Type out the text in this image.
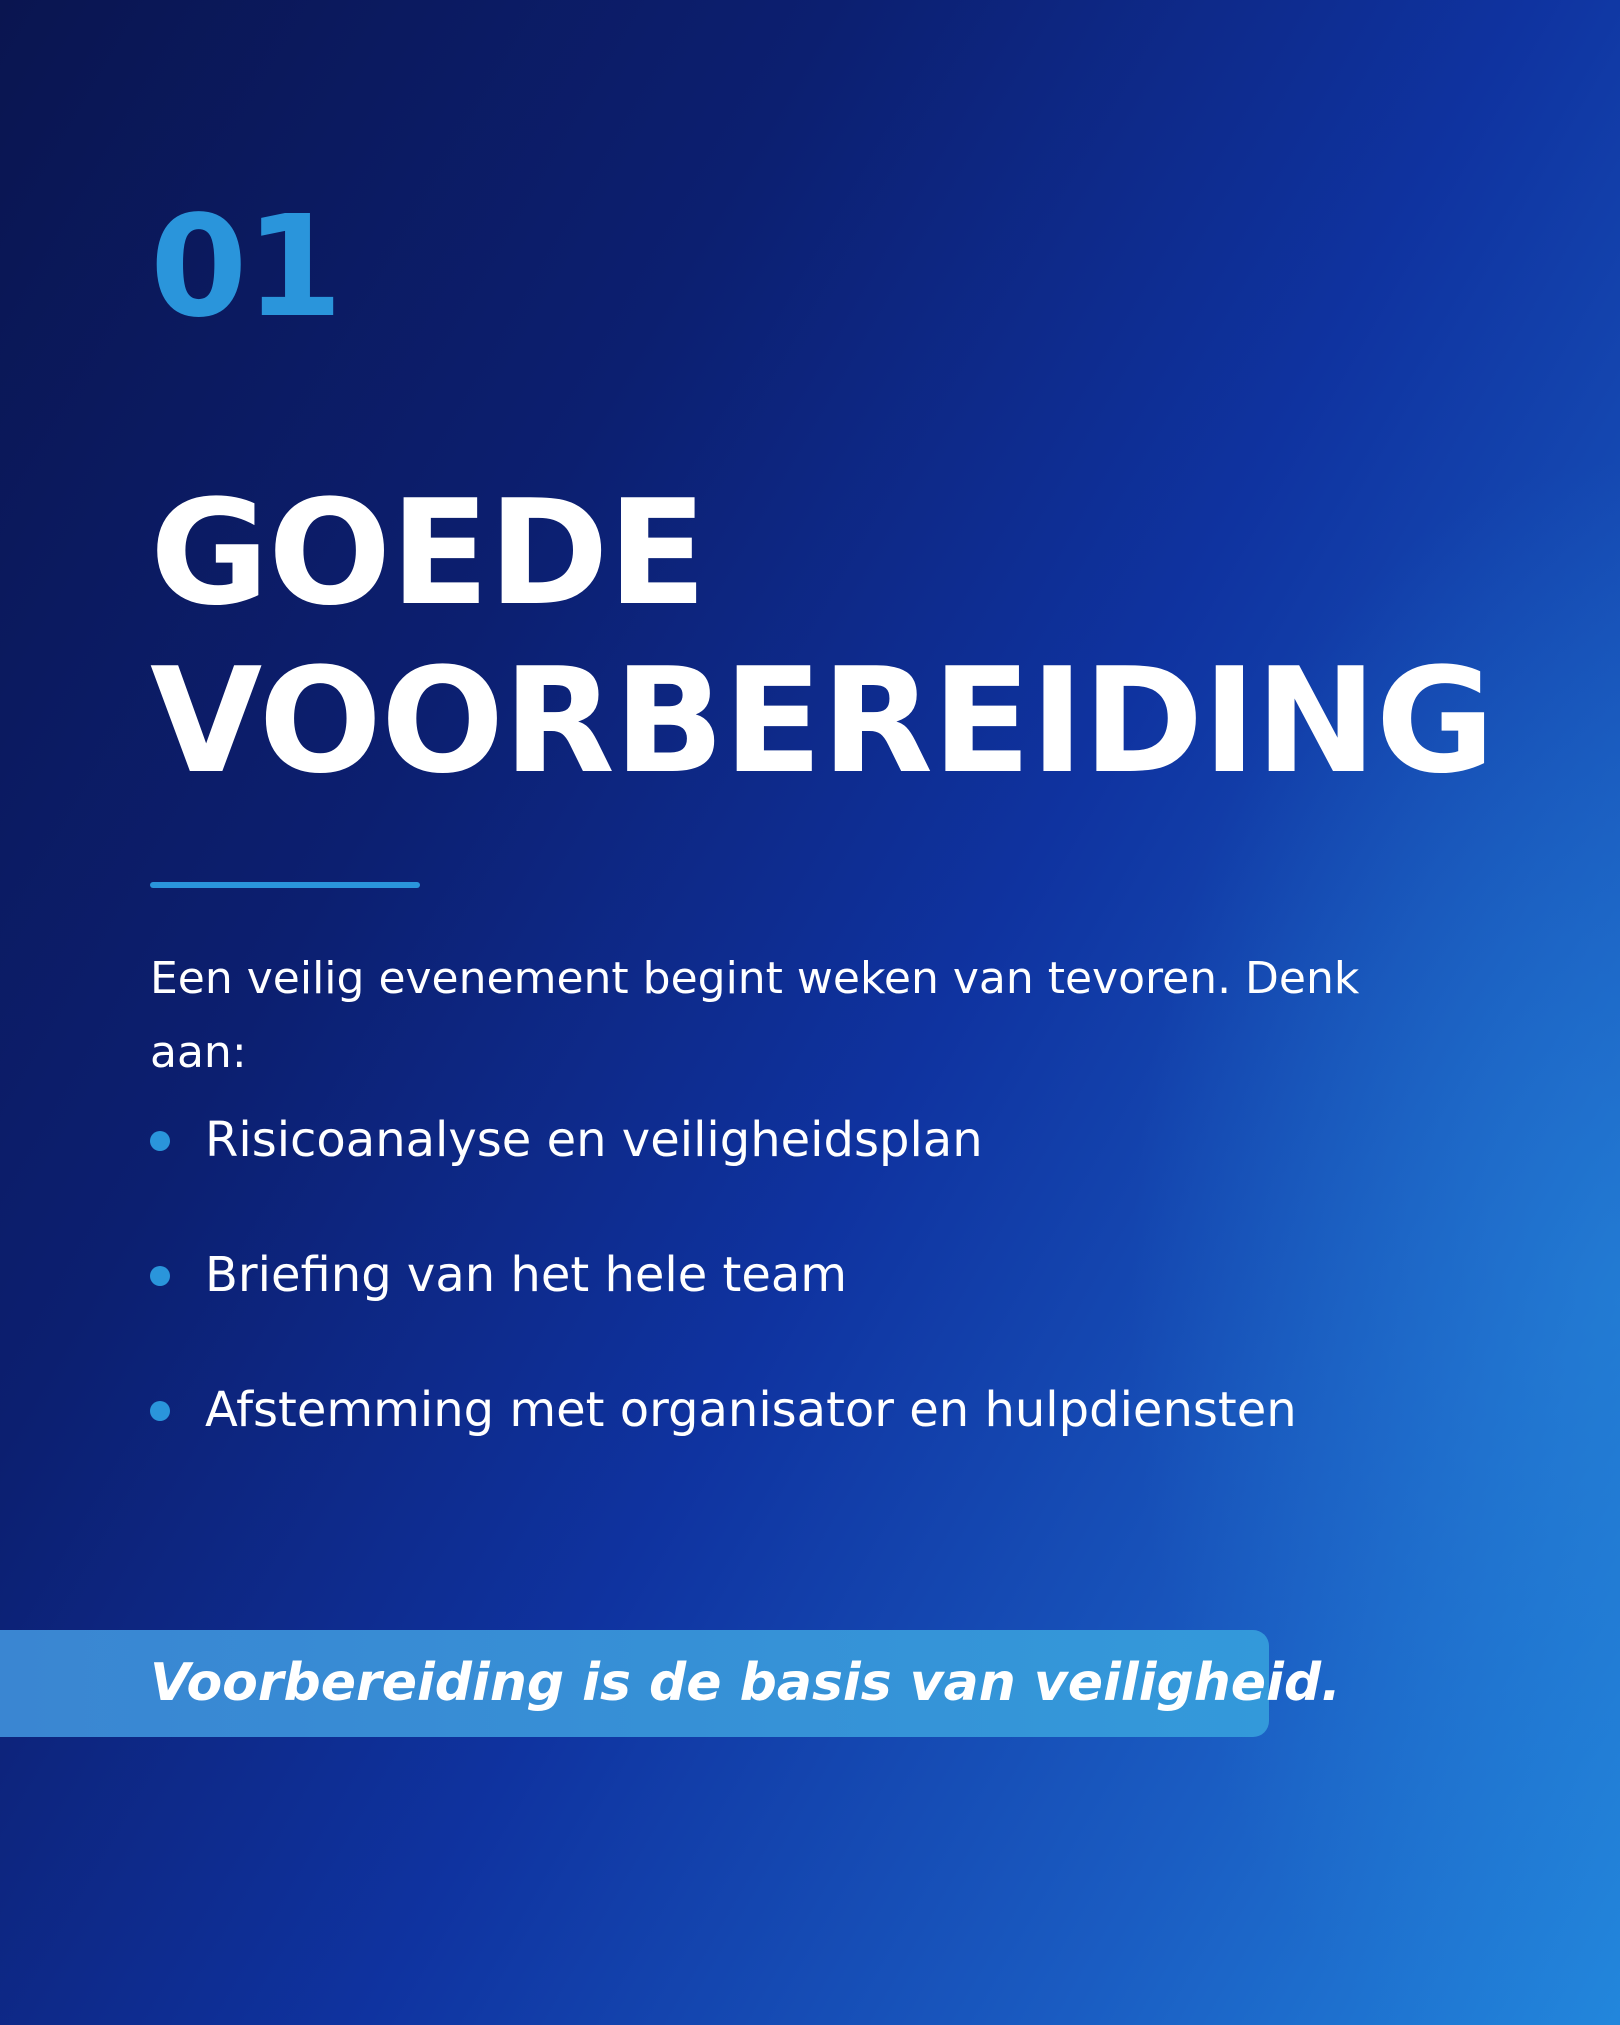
01
GOEDE
VOORBEREIDING

Een veilig evenement begint weken van tevoren. Denk aan:

Risicoanalyse en veiligheidsplan
Briefing van het hele team
Afstemming met organisator en hulpdiensten
Voorbereiding is de basis van veiligheid.
